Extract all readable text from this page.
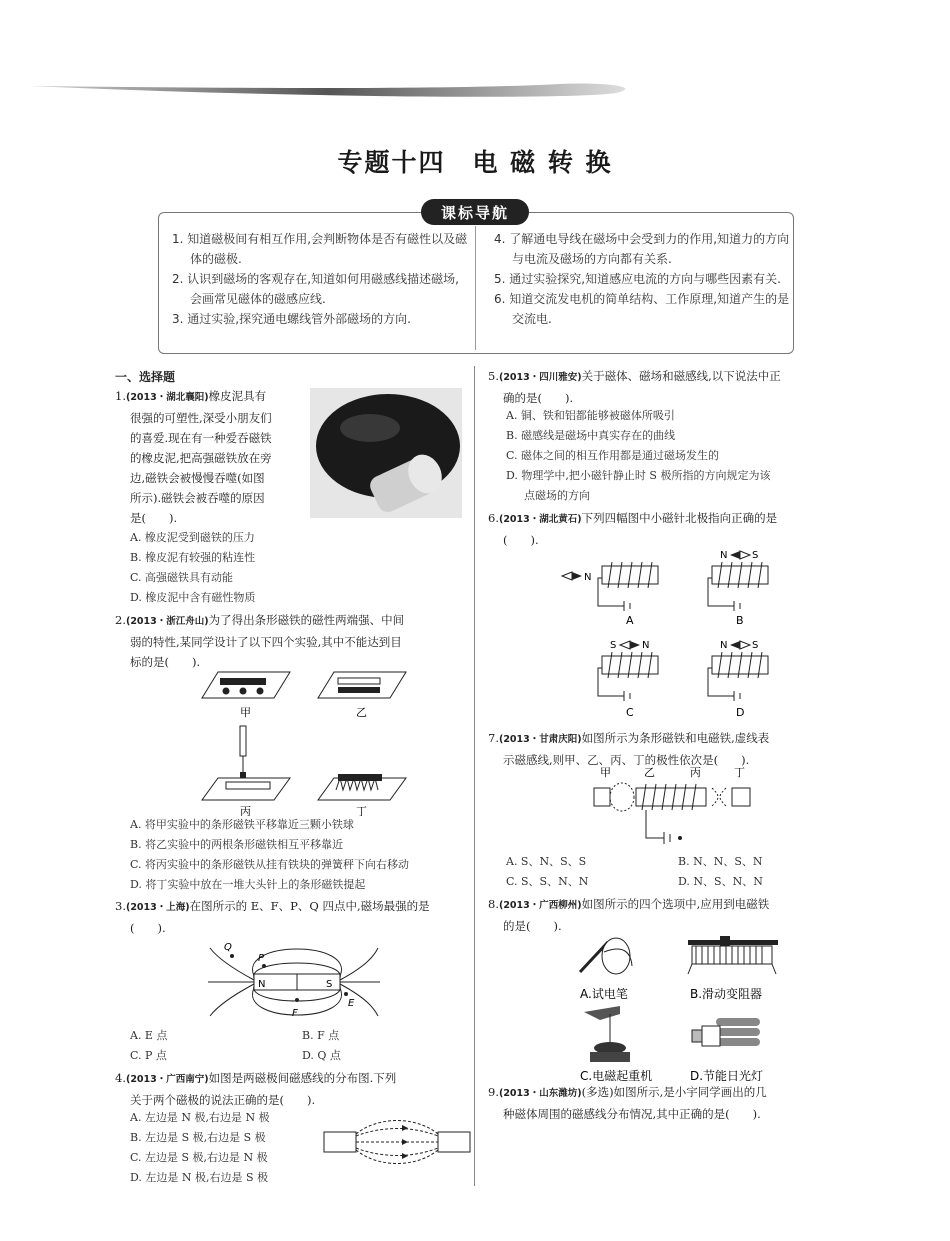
专题十四　电 磁 转 换
课标导航
1. 知道磁极间有相互作用,会判断物体是否有磁性以及磁体的磁极.
2. 认识到磁场的客观存在,知道如何用磁感线描述磁场,会画常见磁体的磁感应线.
3. 通过实验,探究通电螺线管外部磁场的方向.
4. 了解通电导线在磁场中会受到力的作用,知道力的方向与电流及磁场的方向都有关系.
5. 通过实验探究,知道感应电流的方向与哪些因素有关.
6. 知道交流发电机的简单结构、工作原理,知道产生的是交流电.
一、选择题
1.(2013・湖北襄阳)橡皮泥具有
很强的可塑性,深受小朋友们
的喜爱.现在有一种爱吞磁铁
的橡皮泥,把高强磁铁放在旁
边,磁铁会被慢慢吞噬(如图
所示).磁铁会被吞噬的原因
是(　　).
A. 橡皮泥受到磁铁的压力
B. 橡皮泥有较强的粘连性
C. 高强磁铁具有动能
D. 橡皮泥中含有磁性物质
2.(2013・浙江舟山)为了得出条形磁铁的磁性两端强、中间
弱的特性,某同学设计了以下四个实验,其中不能达到目
标的是(　　).
甲	乙
丙	丁
A. 将甲实验中的条形磁铁平移靠近三颗小铁球
B. 将乙实验中的两根条形磁铁相互平移靠近
C. 将丙实验中的条形磁铁从挂有铁块的弹簧秤下向右移动
D. 将丁实验中放在一堆大头针上的条形磁铁提起
3.(2013・上海)在图所示的 E、F、P、Q 四点中,磁场最强的是
(　　).
N	S
Q
P
E
F
A. E 点	B. F 点
C. P 点	D. Q 点
4.(2013・广西南宁)如图是两磁极间磁感线的分布图.下列
关于两个磁极的说法正确的是(　　).
A. 左边是 N 极,右边是 N 极
B. 左边是 S 极,右边是 S 极
C. 左边是 S 极,右边是 N 极
D. 左边是 N 极,右边是 S 极
5.(2013・四川雅安)关于磁体、磁场和磁感线,以下说法中正
确的是(　　).
A. 铜、铁和铝都能够被磁体所吸引
B. 磁感线是磁场中真实存在的曲线
C. 磁体之间的相互作用都是通过磁场发生的
D. 物理学中,把小磁针静止时 S 极所指的方向规定为该
点磁场的方向
6.(2013・湖北黄石)下列四幅图中小磁针北极指向正确的是
(　　).
N
A
N S
B
S	N
C
N S
D
7.(2013・甘肃庆阳)如图所示为条形磁铁和电磁铁,虚线表
示磁感线,则甲、乙、丙、丁的极性依次是(　　).
甲	乙	丙	丁
A. S、N、S、S	B. N、N、S、N
C. S、S、N、N	D. N、S、N、N
8.(2013・广西柳州)如图所示的四个选项中,应用到电磁铁
的是(　　).
A.试电笔	B.滑动变阻器
C.电磁起重机	D.节能日光灯
9.(2013・山东潍坊)(多选)如图所示,是小宇同学画出的几
种磁体周围的磁感线分布情况,其中正确的是(　　).
